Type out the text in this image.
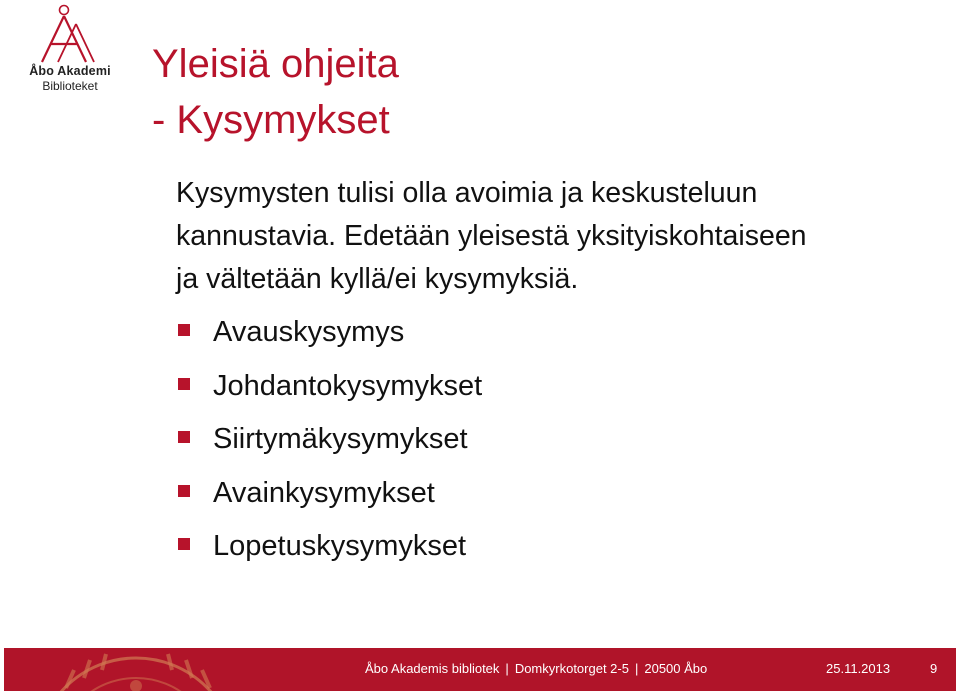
Åbo Akademi
Biblioteket	Yleisiä ohjeita
- Kysymykset

Kysymysten tulisi olla avoimia ja keskusteluun
kannustavia. Edetään yleisestä yksityiskohtaiseen
ja vältetään kyllä/ei kysymyksiä.

Avauskysymys
Johdantokysymykset
Siirtymäkysymykset
Avainkysymykset
Lopetuskysymykset
Åbo Akademis bibliotek | Domkyrkotorget 2-5 | 20500 Åbo	25.11.2013	9
